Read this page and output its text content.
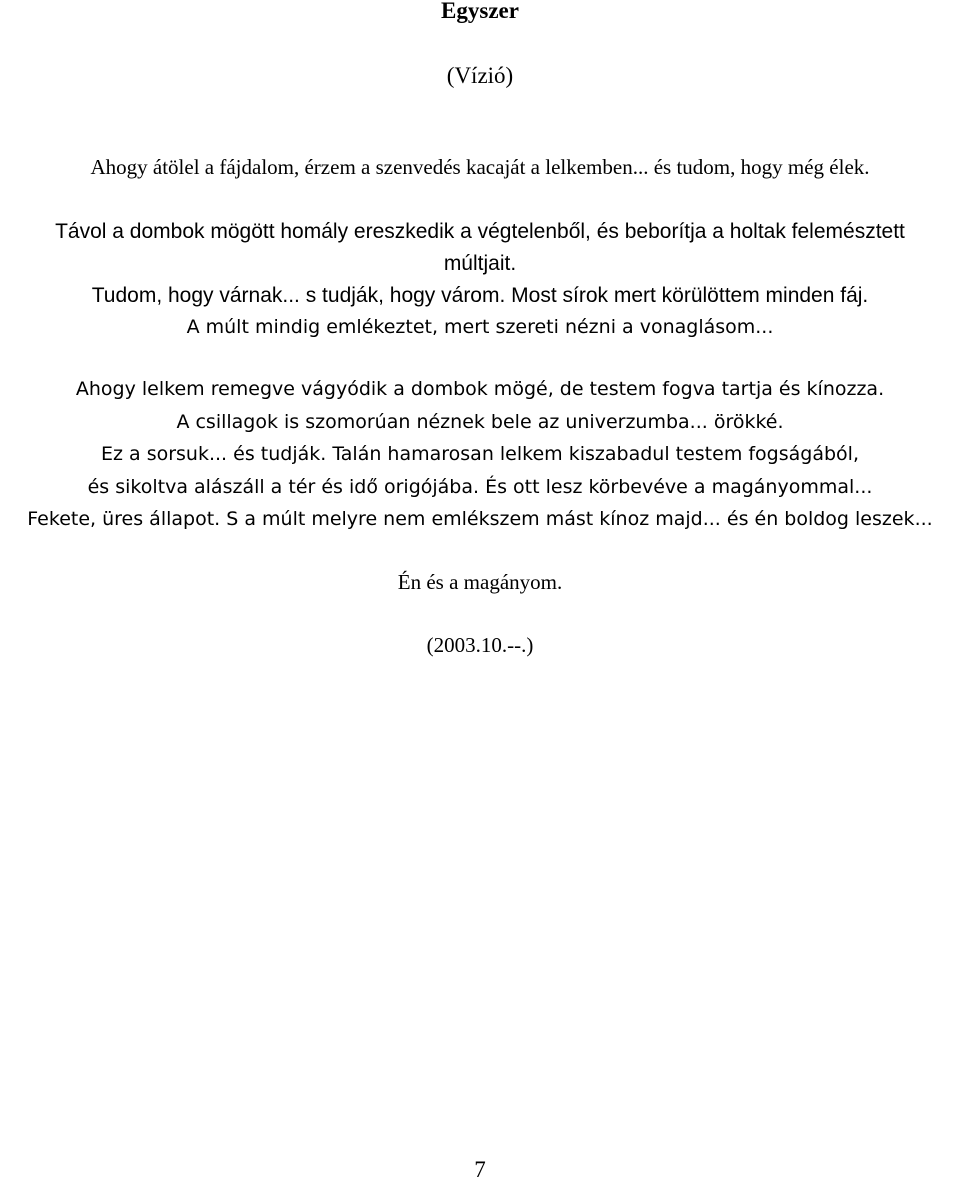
Egyszer
(Vízió)
Ahogy átölel a fájdalom, érzem a szenvedés kacaját a lelkemben... és tudom, hogy még élek.
Távol a dombok mögött homály ereszkedik a végtelenből, és beborítja a holtak felemésztett
múltjait.
Tudom, hogy várnak... s tudják, hogy várom. Most sírok mert körülöttem minden fáj.
A múlt mindig emlékeztet, mert szereti nézni a vonaglásom...
Ahogy lelkem remegve vágyódik a dombok mögé, de testem fogva tartja és kínozza.
A csillagok is szomorúan néznek bele az univerzumba... örökké.
Ez a sorsuk... és tudják. Talán hamarosan lelkem kiszabadul testem fogságából,
és sikoltva alászáll a tér és idő origójába. És ott lesz körbevéve a magányommal...
Fekete, üres állapot. S a múlt melyre nem emlékszem mást kínoz majd... és én boldog leszek...
Én és a magányom.
(2003.10.--.)
7
